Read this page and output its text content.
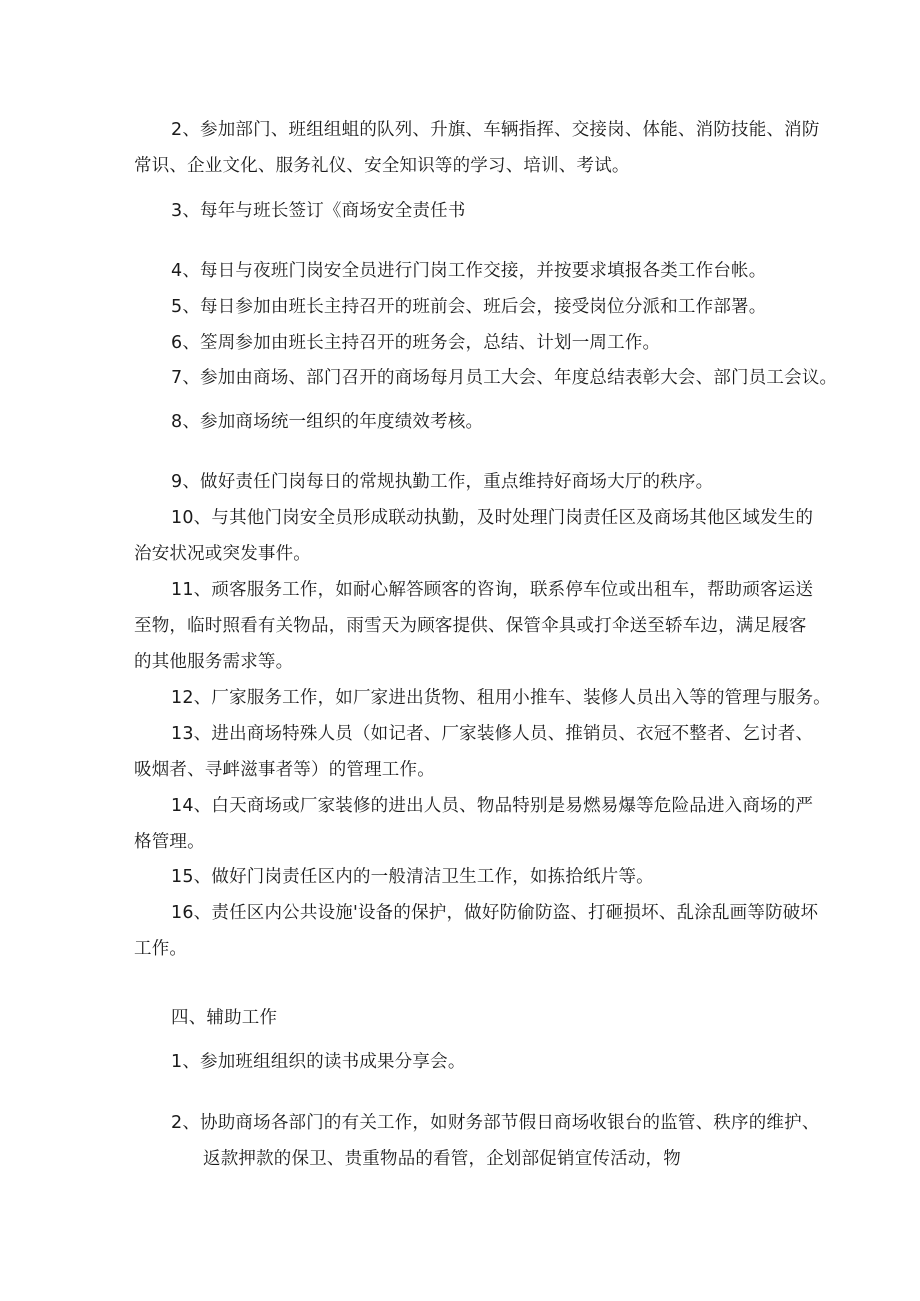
2、参加部门、班组组蛆的队列、升旗、车辆指挥、交接岗、体能、消防技能、消防
常识、企业文化、服务礼仪、安全知识等的学习、培训、考试。
3、每年与班长签订《商场安全责任书
4、每日与夜班门岗安全员进行门岗工作交接，并按要求填报各类工作台帐。
5、每日参加由班长主持召开的班前会、班后会，接受岗位分派和工作部署。
6、筌周参加由班长主持召开的班务会，总结、计划一周工作。
7、参加由商场、部门召开的商场每月员工大会、年度总结表彰大会、部门员工会议。
8、参加商场统一组织的年度绩效考核。
9、做好责任门岗每日的常规执勤工作，重点维持好商场大厅的秩序。
10、与其他门岗安全员形成联动执勤，及时处理门岗责任区及商场其他区域发生的
治安状况或突发事件。
11、顽客服务工作，如耐心解答顾客的咨询，联系停车位或出租车，帮助顽客运送
至物，临时照看有关物品，雨雪天为顾客提供、保管伞具或打伞送至轿车边，满足屐客
的其他服务需求等。
12、厂家服务工作，如厂家进出货物、租用小推车、装修人员出入等的管理与服务。
13、进出商场特殊人员（如记者、厂家装修人员、推销员、衣冠不整者、乞讨者、
吸烟者、寻衅滋事者等）的管理工作。
14、白天商场或厂家装修的进出人员、物品特别是易燃易爆等危险品进入商场的严
格管理。
15、做好门岗责任区内的一般清洁卫生工作，如拣拾纸片等。
16、责任区内公共设施'设备的保护，做好防偷防盗、打砸损坏、乱涂乱画等防破坏
工作。
四、辅助工作
1、参加班组组织的读书成果分享会。
2、协助商场各部门的有关工作，如财务部节假日商场收银台的监管、秩序的维护、
返款押款的保卫、贵重物品的看管，企划部促销宣传活动，物
